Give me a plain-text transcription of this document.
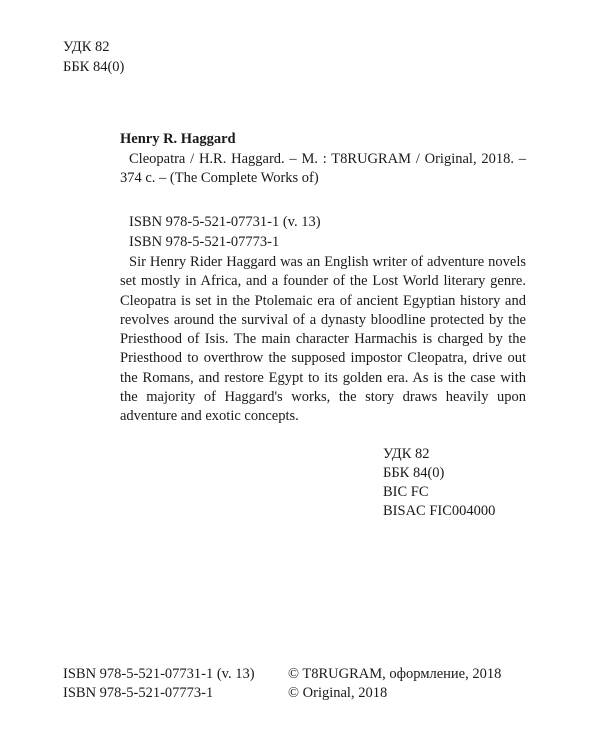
УДК 82
ББК 84(0)
Henry R. Haggard
Cleopatra / H.R. Haggard. – M. : T8RUGRAM / Original, 2018. – 374 c. – (The Complete Works of)
ISBN 978-5-521-07731-1 (v. 13)
ISBN 978-5-521-07773-1

Sir Henry Rider Haggard was an English writer of adventure novels set mostly in Africa, and a founder of the Lost World literary genre. Cleopatra is set in the Ptolemaic era of ancient Egyptian history and revolves around the survival of a dynasty bloodline protected by the Priesthood of Isis. The main character Harmachis is charged by the Priesthood to overthrow the supposed impostor Cleopatra, drive out the Romans, and restore Egypt to its golden era. As is the case with the majority of Haggard's works, the story draws heavily upon adventure and exotic concepts.

УДК 82
ББК 84(0)
BIC FC
BISAC FIC004000
ISBN 978-5-521-07731-1 (v. 13)	© T8RUGRAM, оформление, 2018
ISBN 978-5-521-07773-1	© Original, 2018
